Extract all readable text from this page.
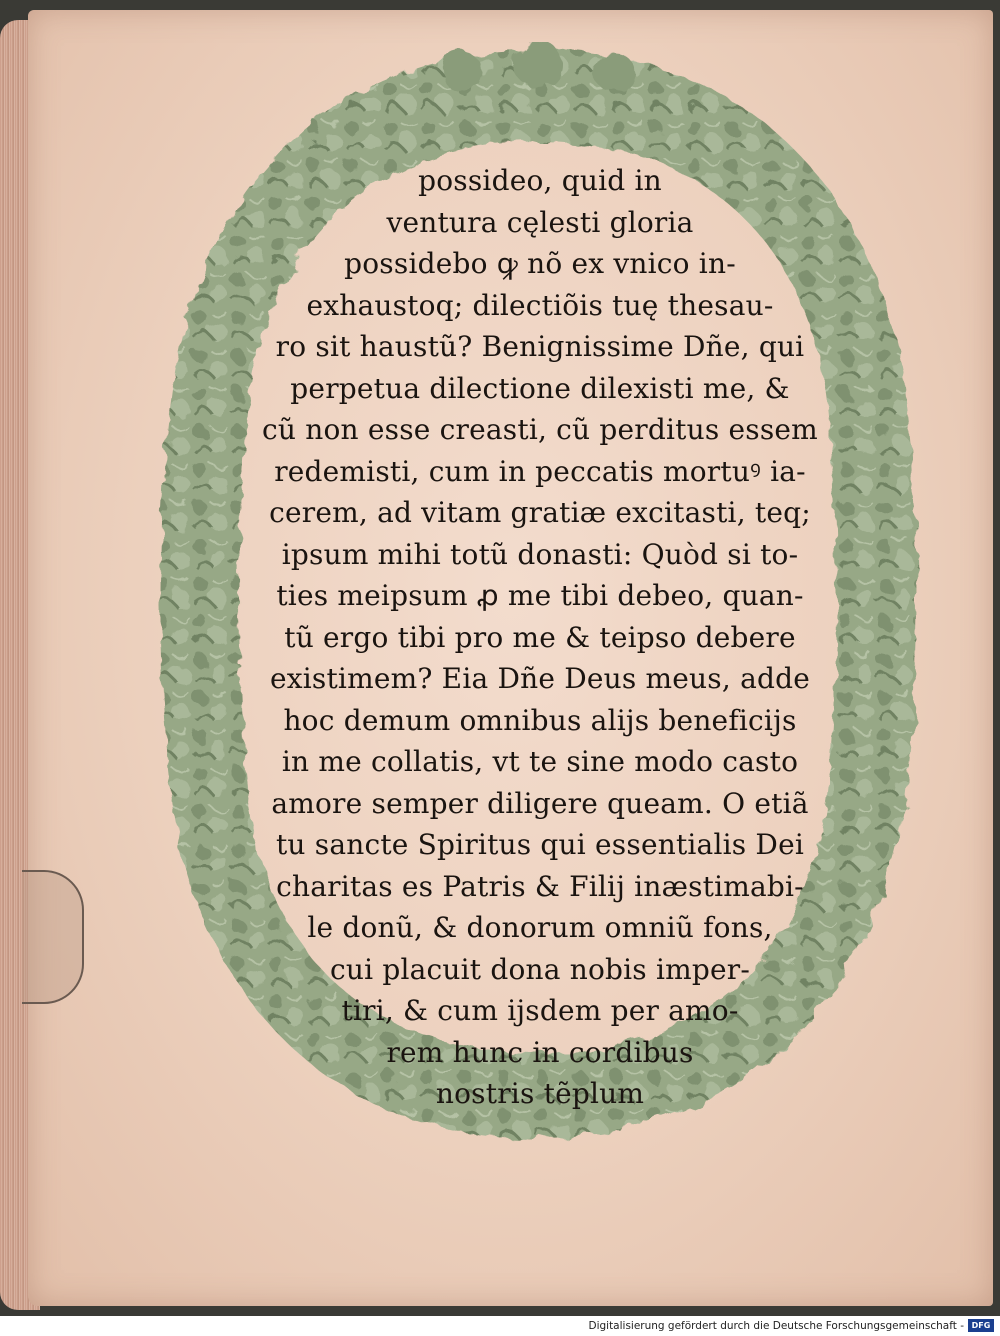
possideo, quid in
ventura cęlesti gloria
possidebo ꝙ nõ ex vnico in-
exhaustoq; dilectiõis tuę thesau-
ro sit haustũ? Benignissime Dñe, qui
perpetua dilectione dilexisti me, &
cũ non esse creasti, cũ perditus essem
redemisti, cum in peccatis mortuꝰ ia-
cerem, ad vitam gratiæ excitasti, teq;
ipsum mihi totũ donasti: Quòd si to-
ties meipsum ꝓ me tibi debeo, quan-
tũ ergo tibi pro me & teipso debere
existimem? Eia Dñe Deus meus, adde
hoc demum omnibus alijs beneficijs
in me collatis, vt te sine modo casto
amore semper diligere queam. O etiã
tu sancte Spiritus qui essentialis Dei
charitas es Patris & Filij inæstimabi-
le donũ, & donorum omniũ fons,
cui placuit dona nobis imper-
tiri, & cum ijsdem per amo-
rem hunc in cordibus
nostris tẽplum
Digitalisierung gefördert durch die Deutsche Forschungsgemeinschaft - DFG
